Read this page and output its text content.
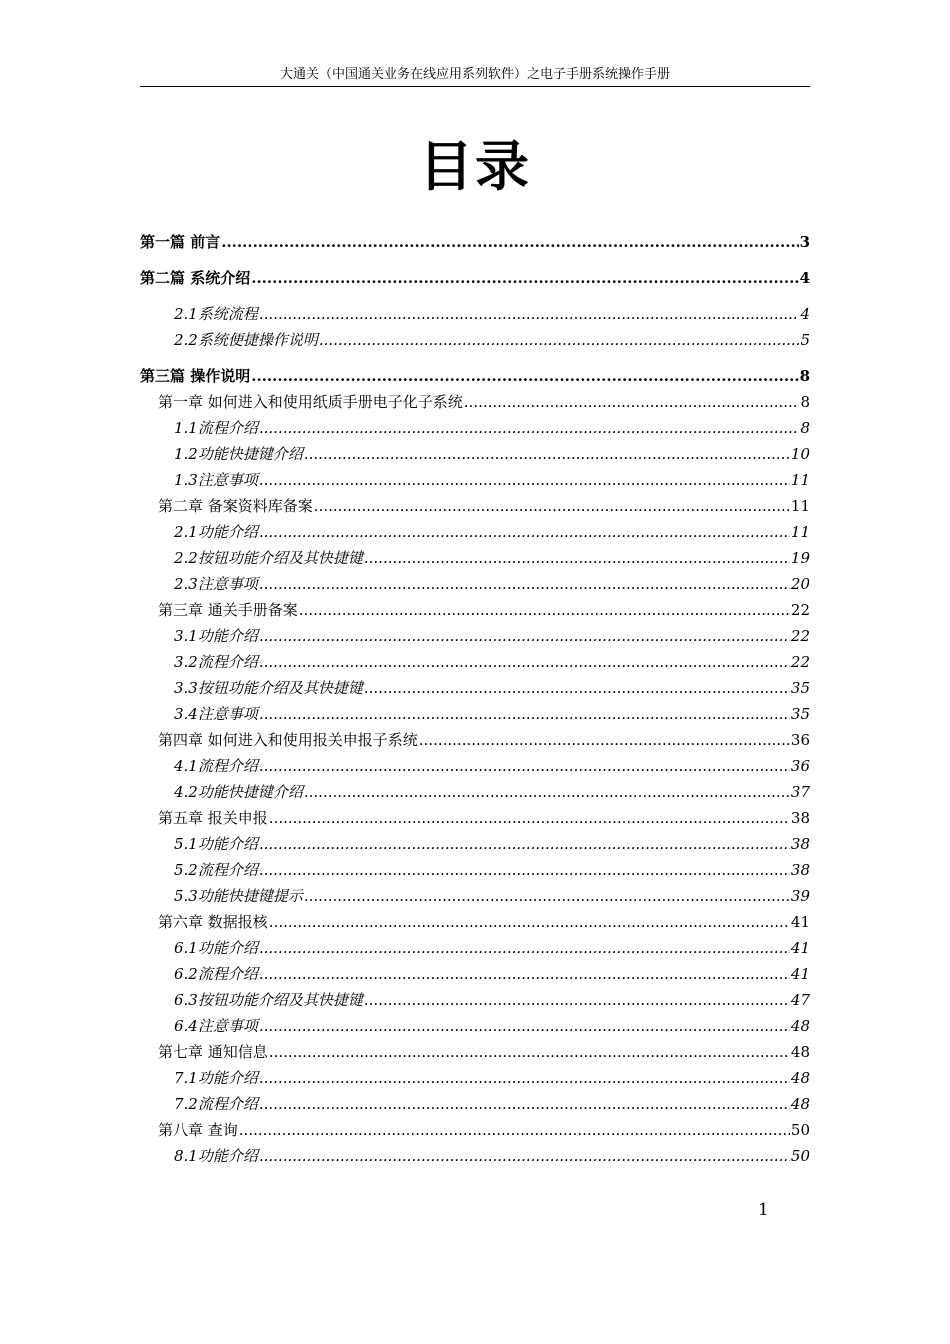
大通关（中国通关业务在线应用系列软件）之电子手册系统操作手册
目录
第一篇 前言 .....	3
第二篇 系统介绍 .....	4
2.1 系统流程 .....	4
2.2 系统便捷操作说明 .....	5
第三篇 操作说明 .....	8
第一章 如何进入和使用纸质手册电子化子系统 .....	8
1.1 流程介绍 .....	8
1.2 功能快捷键介绍 .....	10
1.3 注意事项 .....	11
第二章 备案资料库备案 .....	11
2.1 功能介绍 .....	11
2.2 按钮功能介绍及其快捷键 .....	19
2.3 注意事项 .....	20
第三章 通关手册备案 .....	22
3.1 功能介绍 .....	22
3.2 流程介绍 .....	22
3.3 按钮功能介绍及其快捷键 .....	35
3.4 注意事项 .....	35
第四章 如何进入和使用报关申报子系统 .....	36
4.1 流程介绍 .....	36
4.2 功能快捷键介绍 .....	37
第五章 报关申报 .....	38
5.1 功能介绍 .....	38
5.2 流程介绍 .....	38
5.3 功能快捷键提示 .....	39
第六章 数据报核 .....	41
6.1 功能介绍 .....	41
6.2 流程介绍 .....	41
6.3 按钮功能介绍及其快捷键 .....	47
6.4 注意事项 .....	48
第七章 通知信息 .....	48
7.1 功能介绍 .....	48
7.2 流程介绍 .....	48
第八章 查询 .....	50
8.1 功能介绍 .....	50
1
